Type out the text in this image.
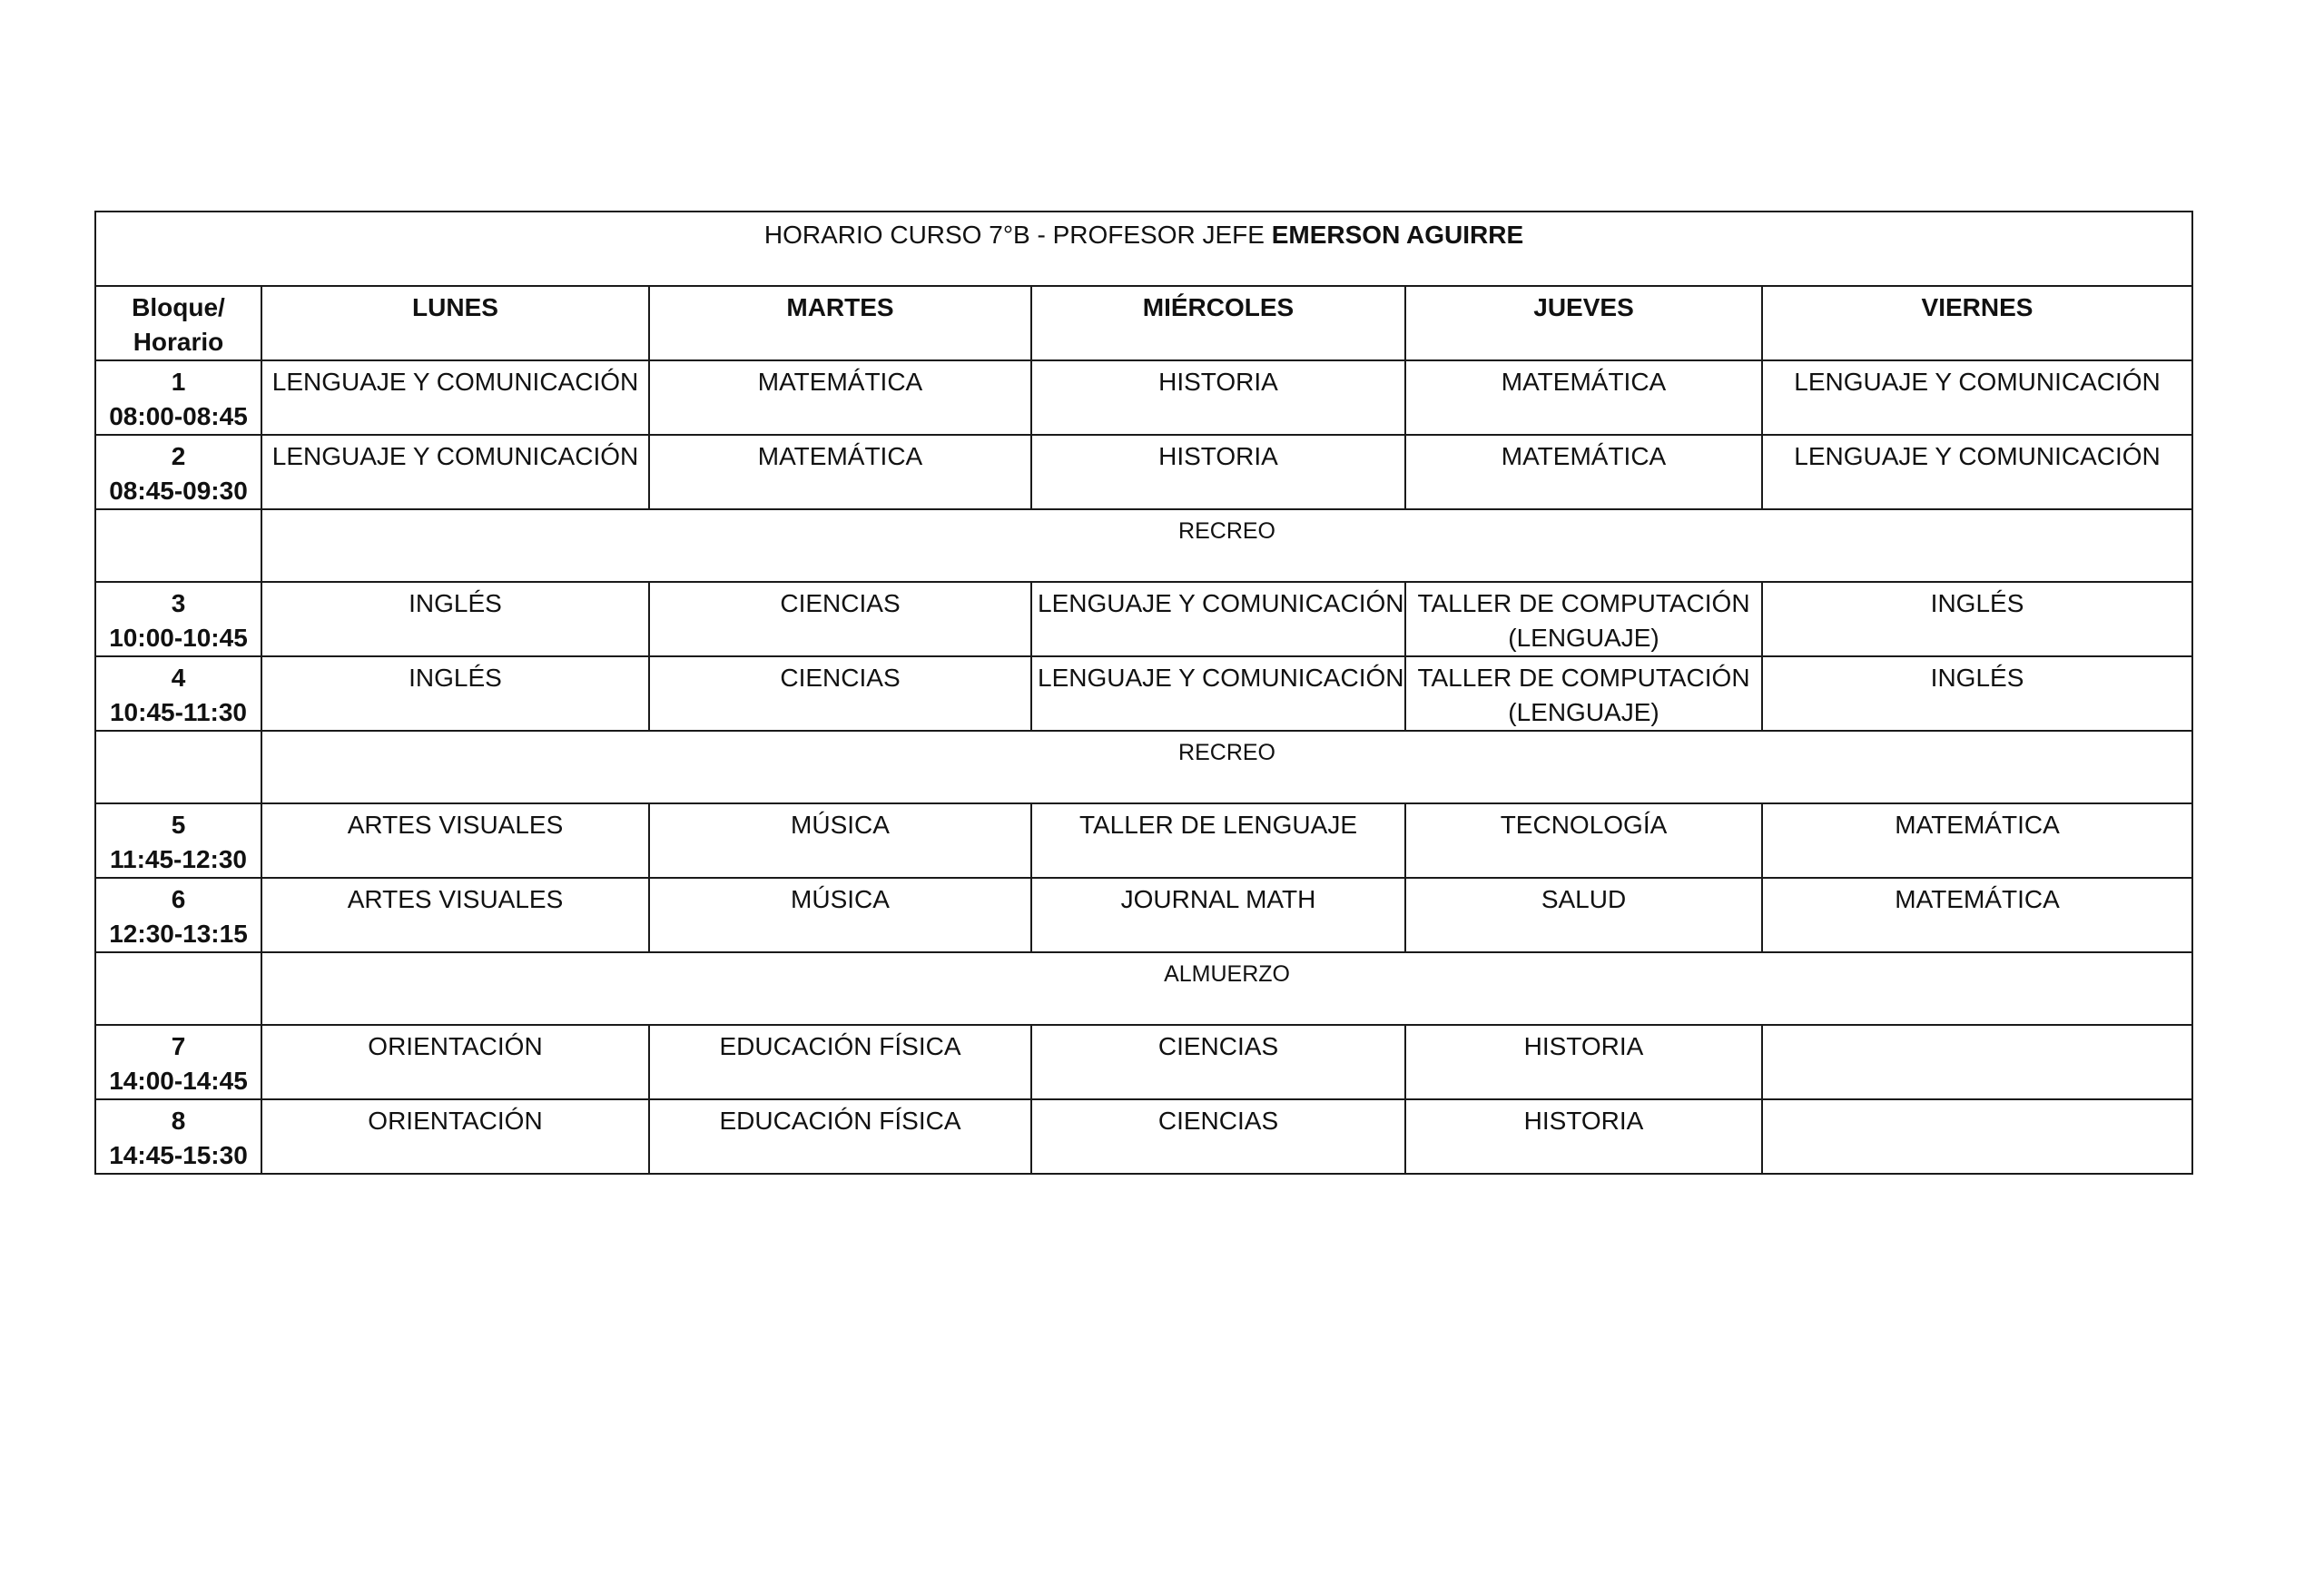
HORARIO CURSO 7°B - PROFESOR JEFE EMERSON AGUIRRE					

Bloque/
Horario	LUNES	MARTES	MIÉRCOLES	JUEVES	VIERNES

1
08:00-08:45	LENGUAJE Y COMUNICACIÓN	MATEMÁTICA	HISTORIA	MATEMÁTICA	LENGUAJE Y COMUNICACIÓN

2
08:45-09:30	LENGUAJE Y COMUNICACIÓN	MATEMÁTICA	HISTORIA	MATEMÁTICA	LENGUAJE Y COMUNICACIÓN

	RECREO				

3
10:00-10:45	INGLÉS	CIENCIAS	LENGUAJE Y COMUNICACIÓN	TALLER DE COMPUTACIÓN
(LENGUAJE)	INGLÉS

4
10:45-11:30	INGLÉS	CIENCIAS	LENGUAJE Y COMUNICACIÓN	TALLER DE COMPUTACIÓN
(LENGUAJE)	INGLÉS

	RECREO				

5
11:45-12:30	ARTES VISUALES	MÚSICA	TALLER DE LENGUAJE	TECNOLOGÍA	MATEMÁTICA

6
12:30-13:15	ARTES VISUALES	MÚSICA	JOURNAL MATH	SALUD	MATEMÁTICA

	ALMUERZO				

7
14:00-14:45	ORIENTACIÓN	EDUCACIÓN FÍSICA	CIENCIAS	HISTORIA	

8
14:45-15:30	ORIENTACIÓN	EDUCACIÓN FÍSICA	CIENCIAS	HISTORIA	
